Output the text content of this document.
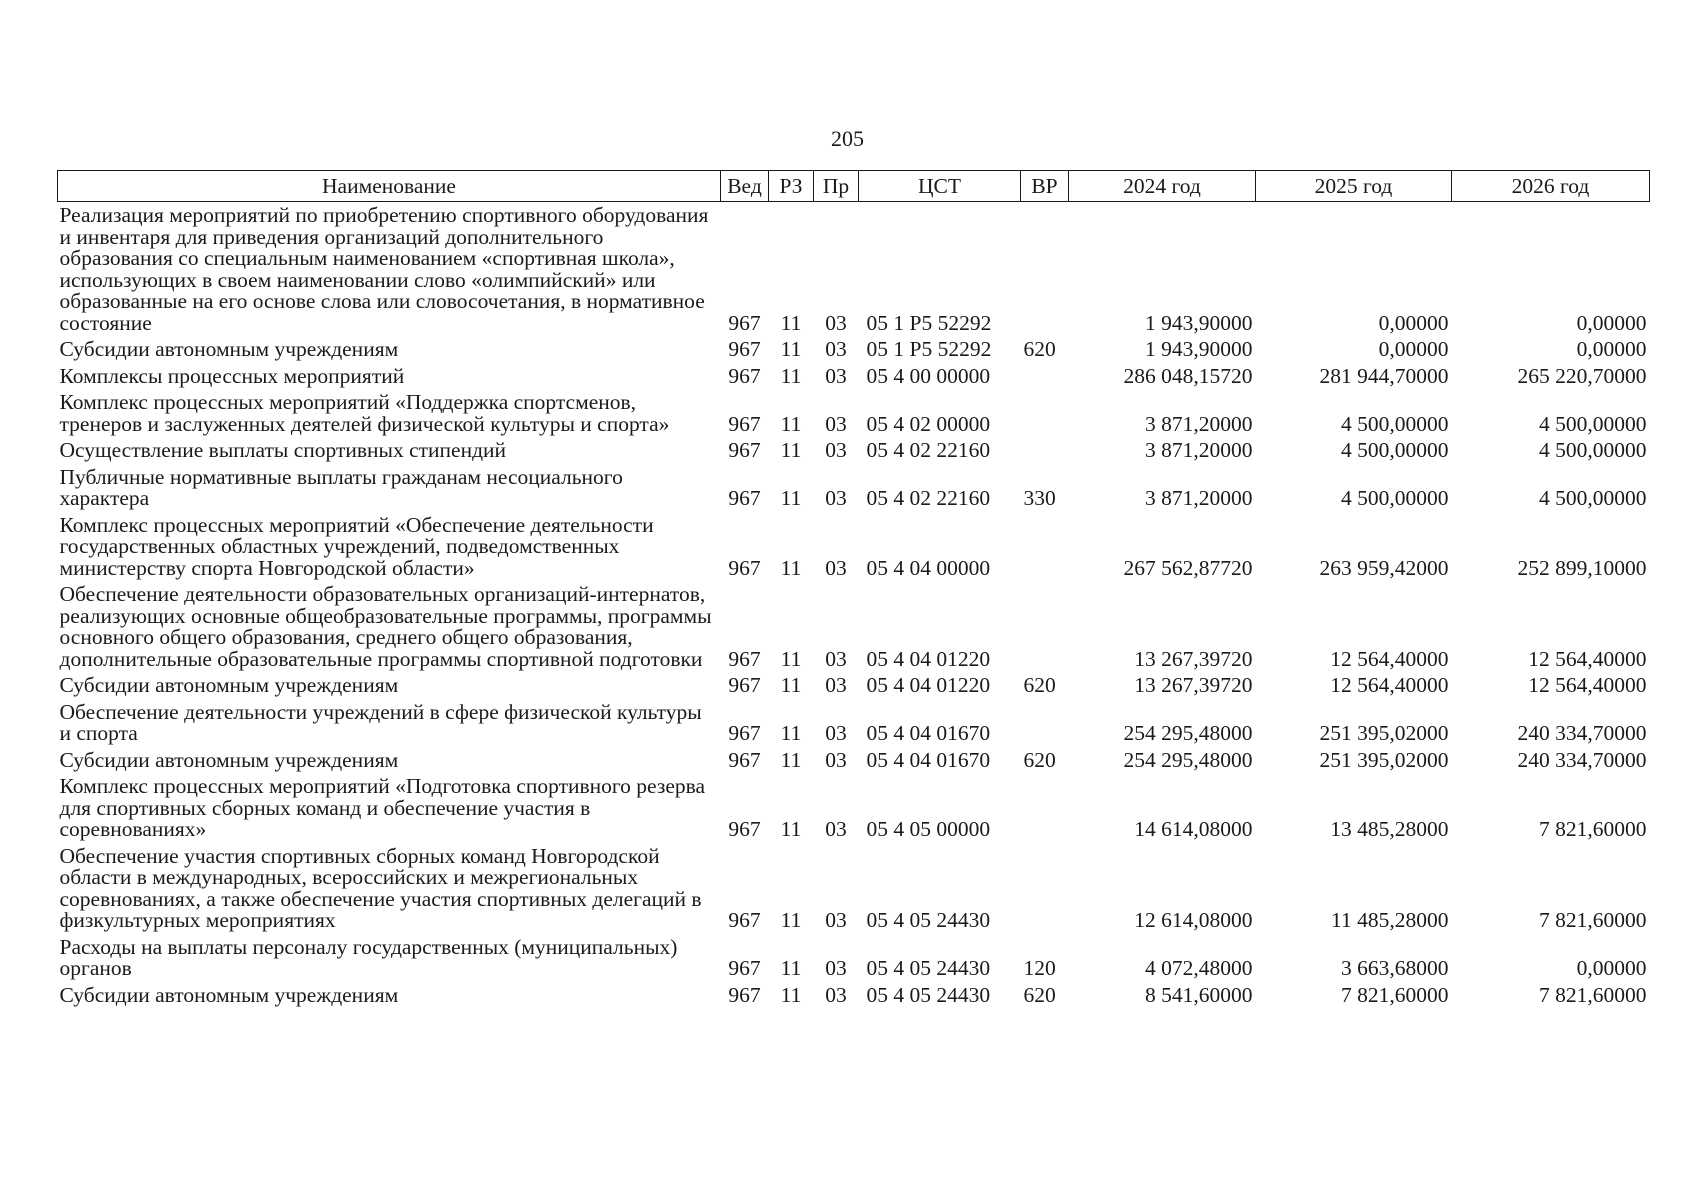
205
Наименование	Вед	РЗ	Пр	ЦСТ	ВР	2024 год	2025 год	2026 год
Реализация мероприятий по приобретению спортивного оборудования и инвентаря для приведения организаций дополнительного образования со специальным наименованием «спортивная школа», использующих в своем наименовании слово «олимпийский» или образованные на его основе слова или словосочетания, в нормативное состояние	967	11	03	05 1 P5 52292		1 943,90000	0,00000	0,00000
Субсидии автономным учреждениям	967	11	03	05 1 P5 52292	620	1 943,90000	0,00000	0,00000
Комплексы процессных мероприятий	967	11	03	05 4 00 00000		286 048,15720	281 944,70000	265 220,70000
Комплекс процессных мероприятий «Поддержка спортсменов, тренеров и заслуженных деятелей физической культуры и спорта»	967	11	03	05 4 02 00000		3 871,20000	4 500,00000	4 500,00000
Осуществление выплаты спортивных стипендий	967	11	03	05 4 02 22160		3 871,20000	4 500,00000	4 500,00000
Публичные нормативные выплаты гражданам несоциального характера	967	11	03	05 4 02 22160	330	3 871,20000	4 500,00000	4 500,00000
Комплекс процессных мероприятий «Обеспечение деятельности государственных областных учреждений, подведомственных министерству спорта Новгородской области»	967	11	03	05 4 04 00000		267 562,87720	263 959,42000	252 899,10000
Обеспечение деятельности образовательных организаций-интернатов, реализующих основные общеобразовательные программы, программы основного общего образования, среднего общего образования, дополнительные образовательные программы спортивной подготовки	967	11	03	05 4 04 01220		13 267,39720	12 564,40000	12 564,40000
Субсидии автономным учреждениям	967	11	03	05 4 04 01220	620	13 267,39720	12 564,40000	12 564,40000
Обеспечение деятельности учреждений в сфере физической культуры и спорта	967	11	03	05 4 04 01670		254 295,48000	251 395,02000	240 334,70000
Субсидии автономным учреждениям	967	11	03	05 4 04 01670	620	254 295,48000	251 395,02000	240 334,70000
Комплекс процессных мероприятий «Подготовка спортивного резерва для спортивных сборных команд и обеспечение участия в соревнованиях»	967	11	03	05 4 05 00000		14 614,08000	13 485,28000	7 821,60000
Обеспечение участия спортивных сборных команд Новгородской области в международных, всероссийских и межрегиональных соревнованиях, а также обеспечение участия спортивных делегаций в физкультурных мероприятиях	967	11	03	05 4 05 24430		12 614,08000	11 485,28000	7 821,60000
Расходы на выплаты персоналу государственных (муниципальных) органов	967	11	03	05 4 05 24430	120	4 072,48000	3 663,68000	0,00000
Субсидии автономным учреждениям	967	11	03	05 4 05 24430	620	8 541,60000	7 821,60000	7 821,60000
